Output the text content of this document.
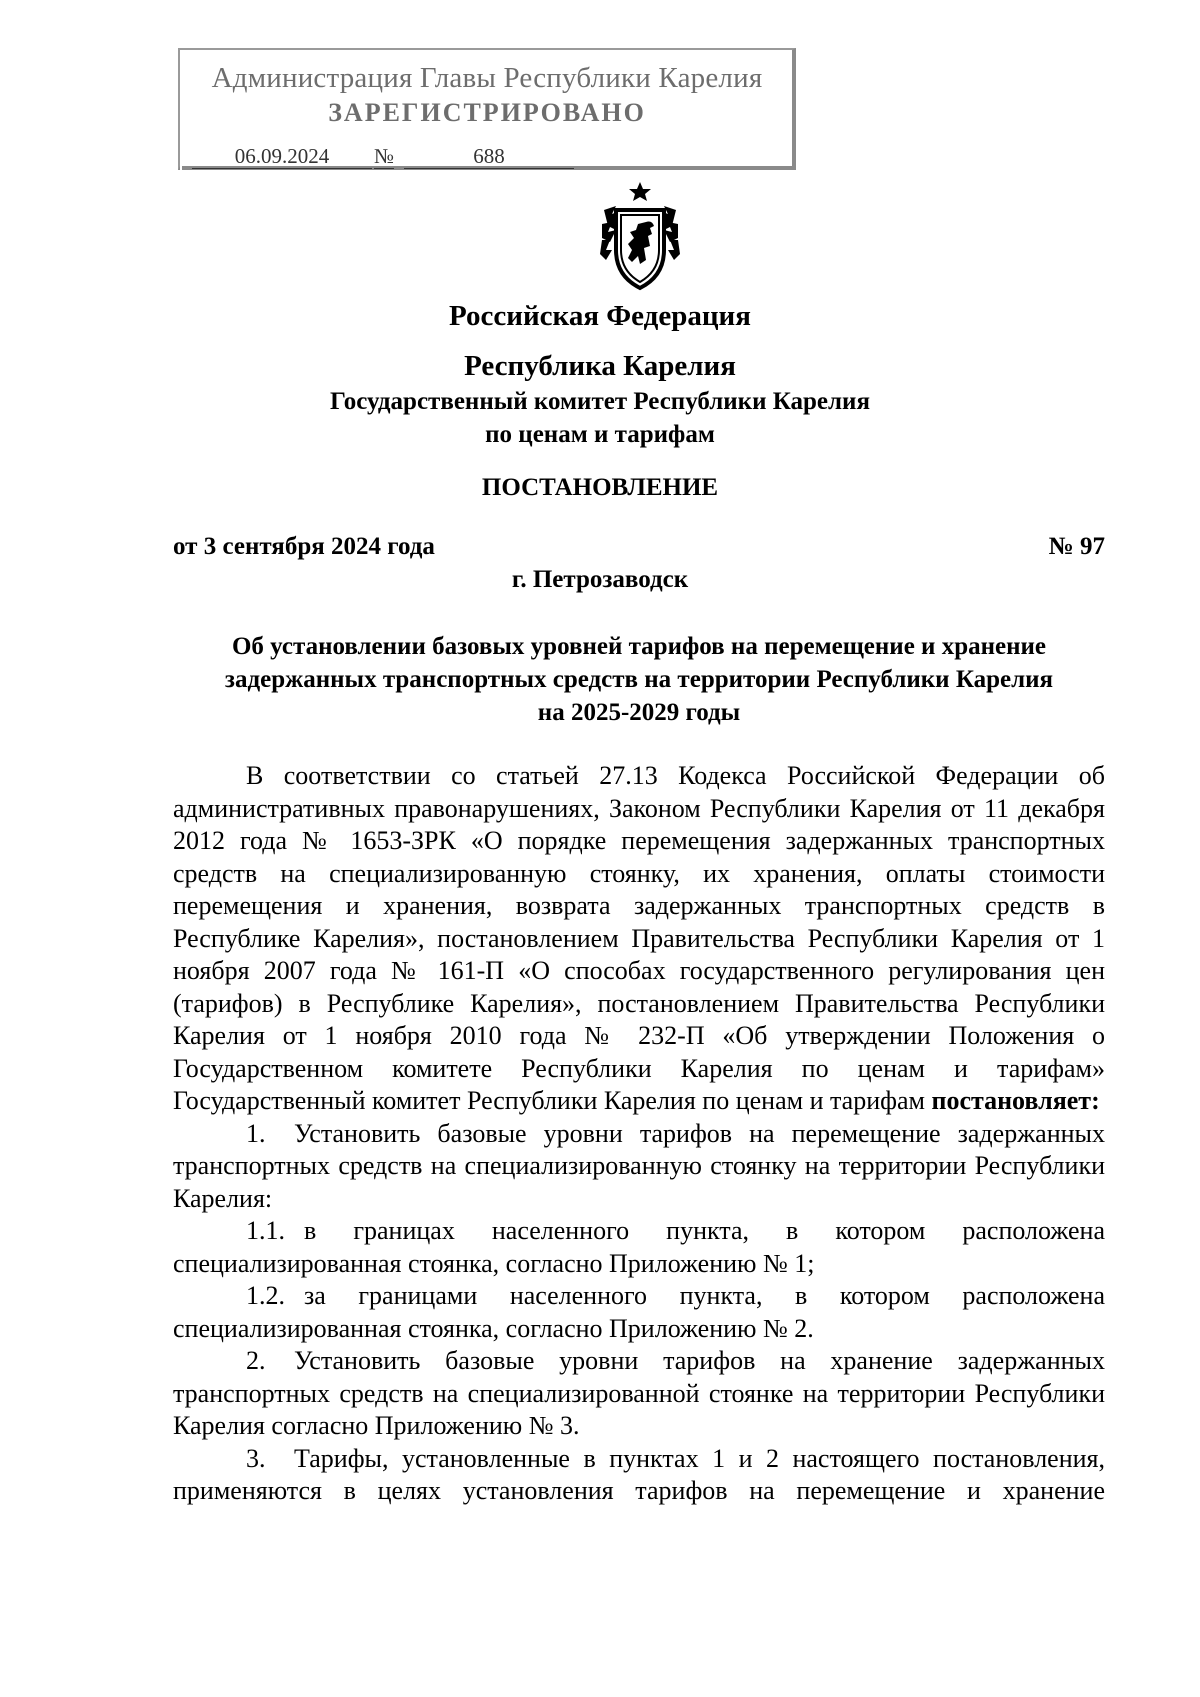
Администрация Главы Республики Карелия
ЗАРЕГИСТРИРОВАНО
06.09.2024	№	688
Российская Федерация
Республика Карелия
Государственный комитет Республики Карелия
по ценам и тарифам
ПОСТАНОВЛЕНИЕ
от 3 сентября 2024 года	№ 97
г. Петрозаводск
Об установлении базовых уровней тарифов на перемещение и хранение
задержанных транспортных средств на территории Республики Карелия
на 2025-2029 годы

В соответствии со статьей 27.13 Кодекса Российской Федерации об административных правонарушениях, Законом Республики Карелия от 11 декабря 2012 года № 1653-ЗРК «О порядке перемещения задержанных транспортных средств на специализированную стоянку, их хранения, оплаты стоимости перемещения и хранения, возврата задержанных транспортных средств в Республике Карелия», постановлением Правительства Республики Карелия от 1 ноября 2007 года № 161-П «О способах государственного регулирования цен (тарифов) в Республике Карелия», постановлением Правительства Республики Карелия от 1 ноября 2010 года № 232-П «Об утверждении Положения о Государственном комитете Республики Карелия по ценам и тарифам» Государственный комитет Республики Карелия по ценам и тарифам постановляет:

1. Установить базовые уровни тарифов на перемещение задержанных транспортных средств на специализированную стоянку на территории Республики Карелия:

1.1. в границах населенного пункта, в котором расположена специализированная стоянка, согласно Приложению № 1;

1.2. за границами населенного пункта, в котором расположена специализированная стоянка, согласно Приложению № 2.

2. Установить базовые уровни тарифов на хранение задержанных транспортных средств на специализированной стоянке на территории Республики Карелия согласно Приложению № 3.

3. Тарифы, установленные в пунктах 1 и 2 настоящего постановления, применяются в целях установления тарифов на перемещение и хранение
